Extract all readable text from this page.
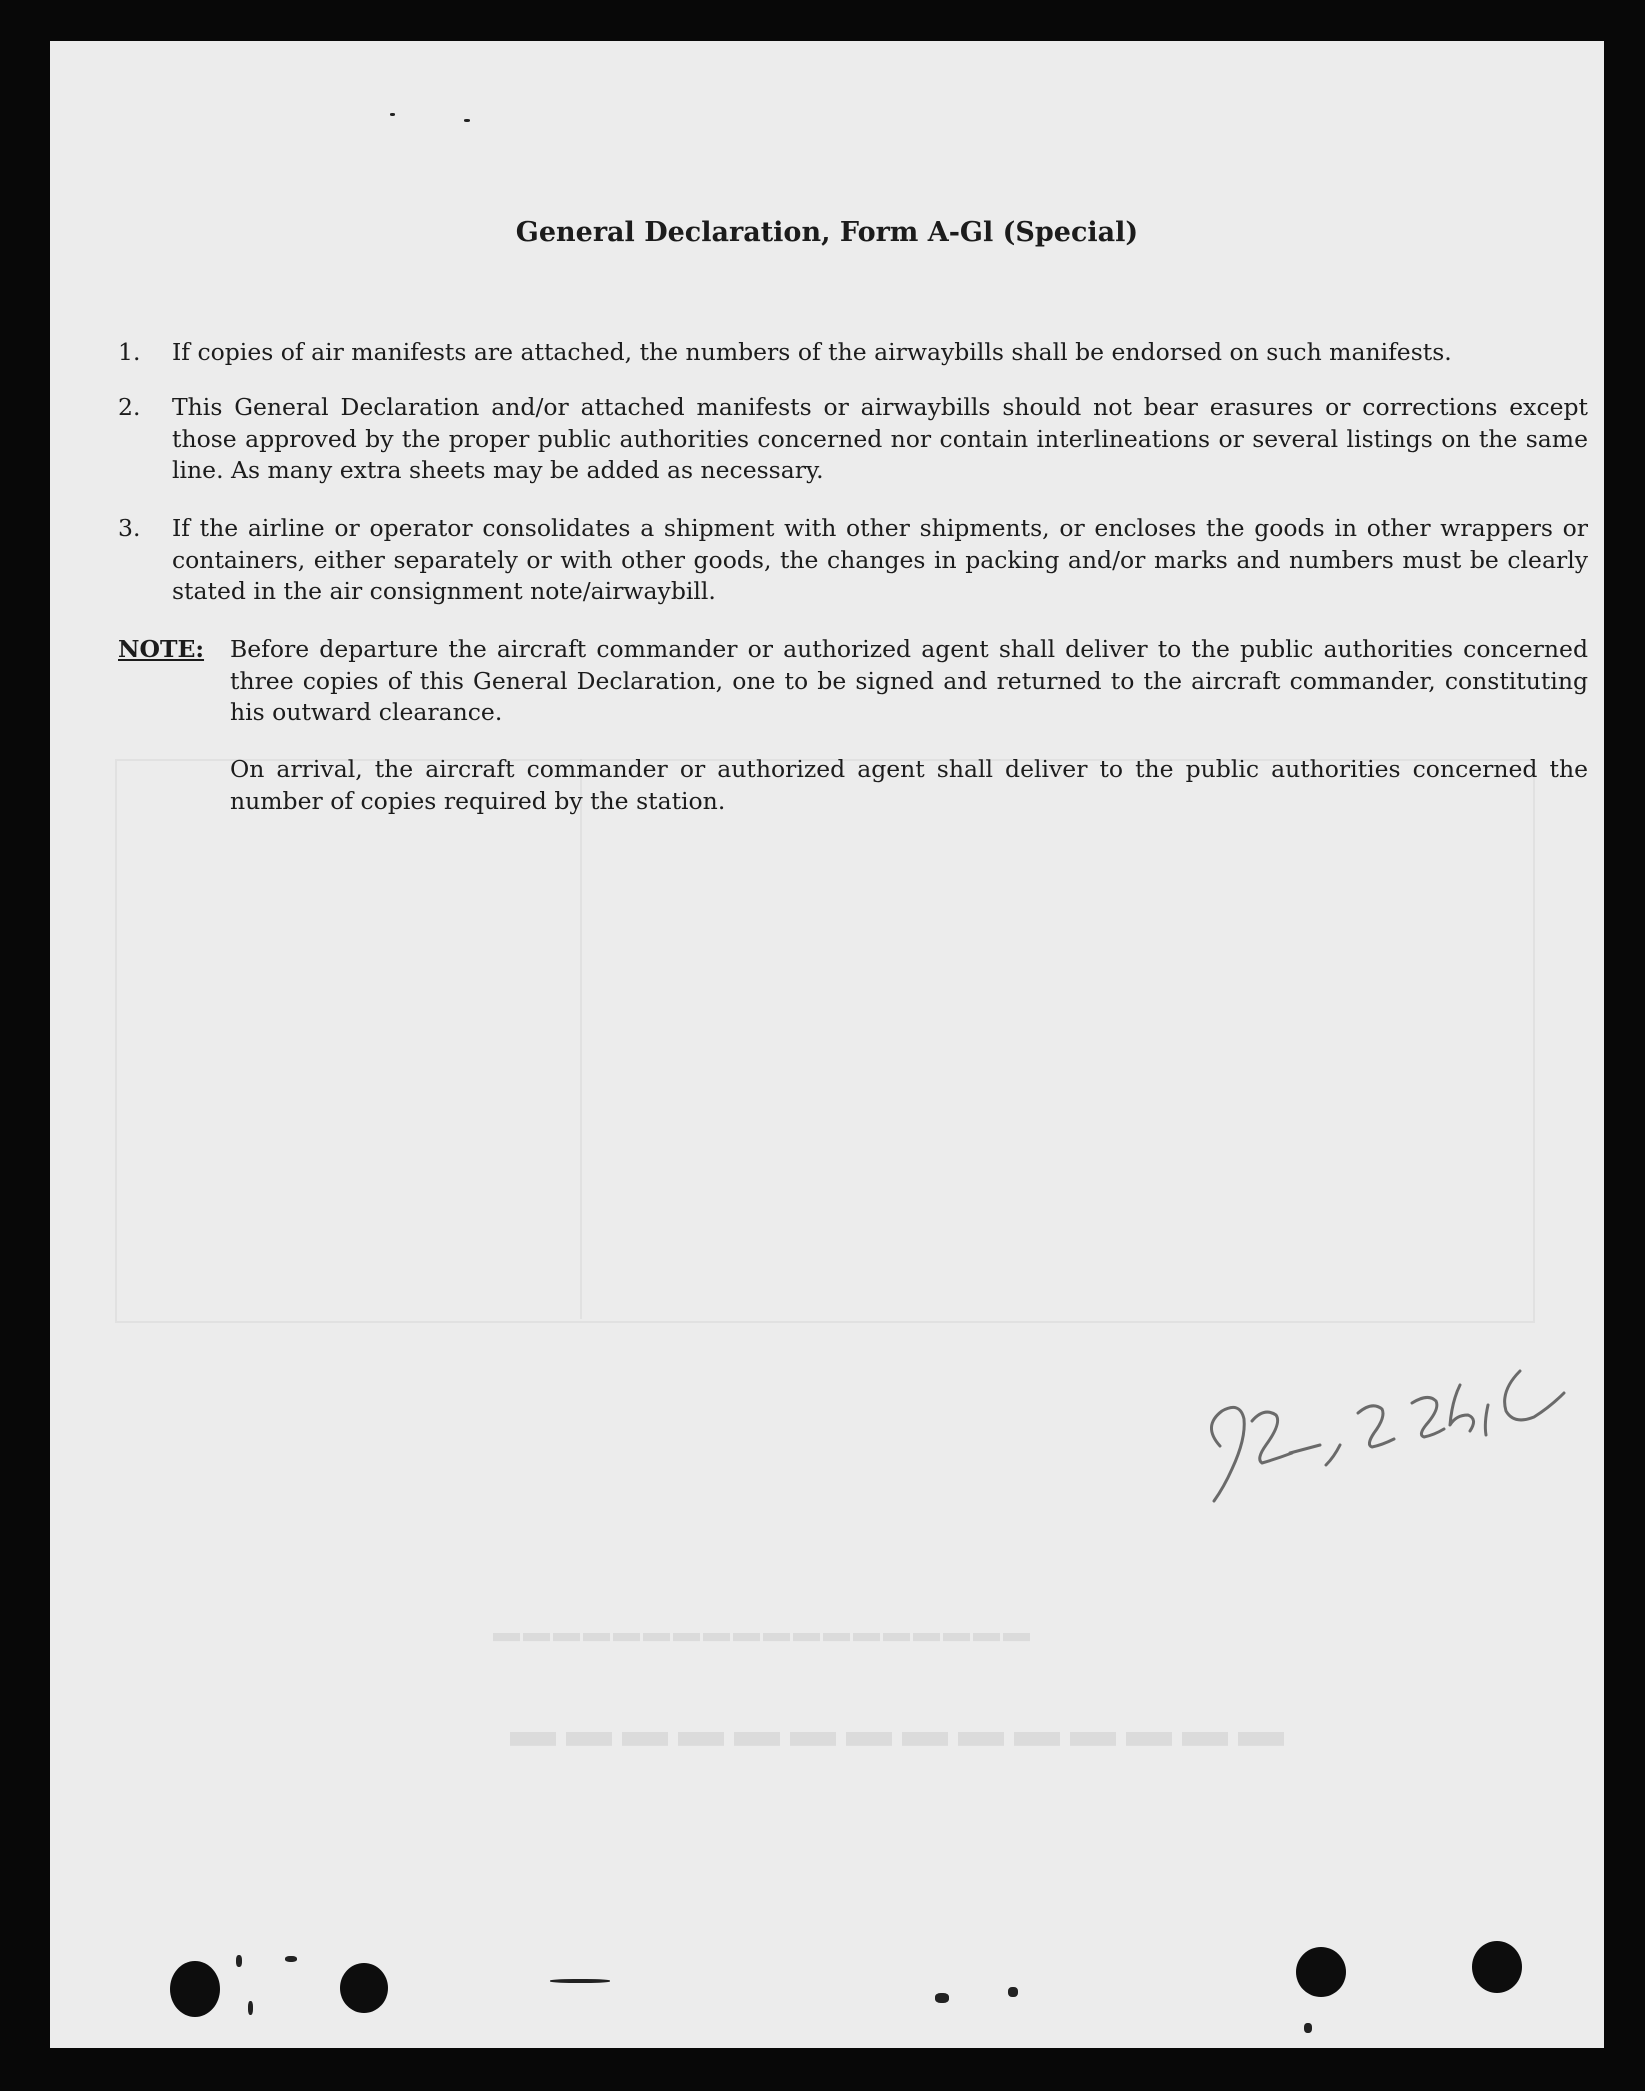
▬▬▬▬▬▬▬▬▬▬▬▬▬▬▬▬▬▬
▬▬▬▬▬▬▬▬▬▬▬▬▬▬
General Declaration, Form A-Gl (Special)
1. If copies of air manifests are attached, the numbers of the airwaybills shall be endorsed on such manifests.
2. This General Declaration and/or attached manifests or airwaybills should not bear erasures or corrections except those approved by the proper public authorities concerned nor contain interlineations or several listings on the same line. As many extra sheets may be added as necessary.
3. If the airline or operator consolidates a shipment with other shipments, or encloses the goods in other wrappers or containers, either separately or with other goods, the changes in packing and/or marks and numbers must be clearly stated in the air consignment note/airwaybill.
NOTE: Before departure the aircraft commander or authorized agent shall deliver to the public authorities concerned three copies of this General Declaration, one to be signed and returned to the aircraft commander, constituting his outward clearance.
On arrival, the aircraft commander or authorized agent shall deliver to the public authorities concerned the number of copies required by the station.
